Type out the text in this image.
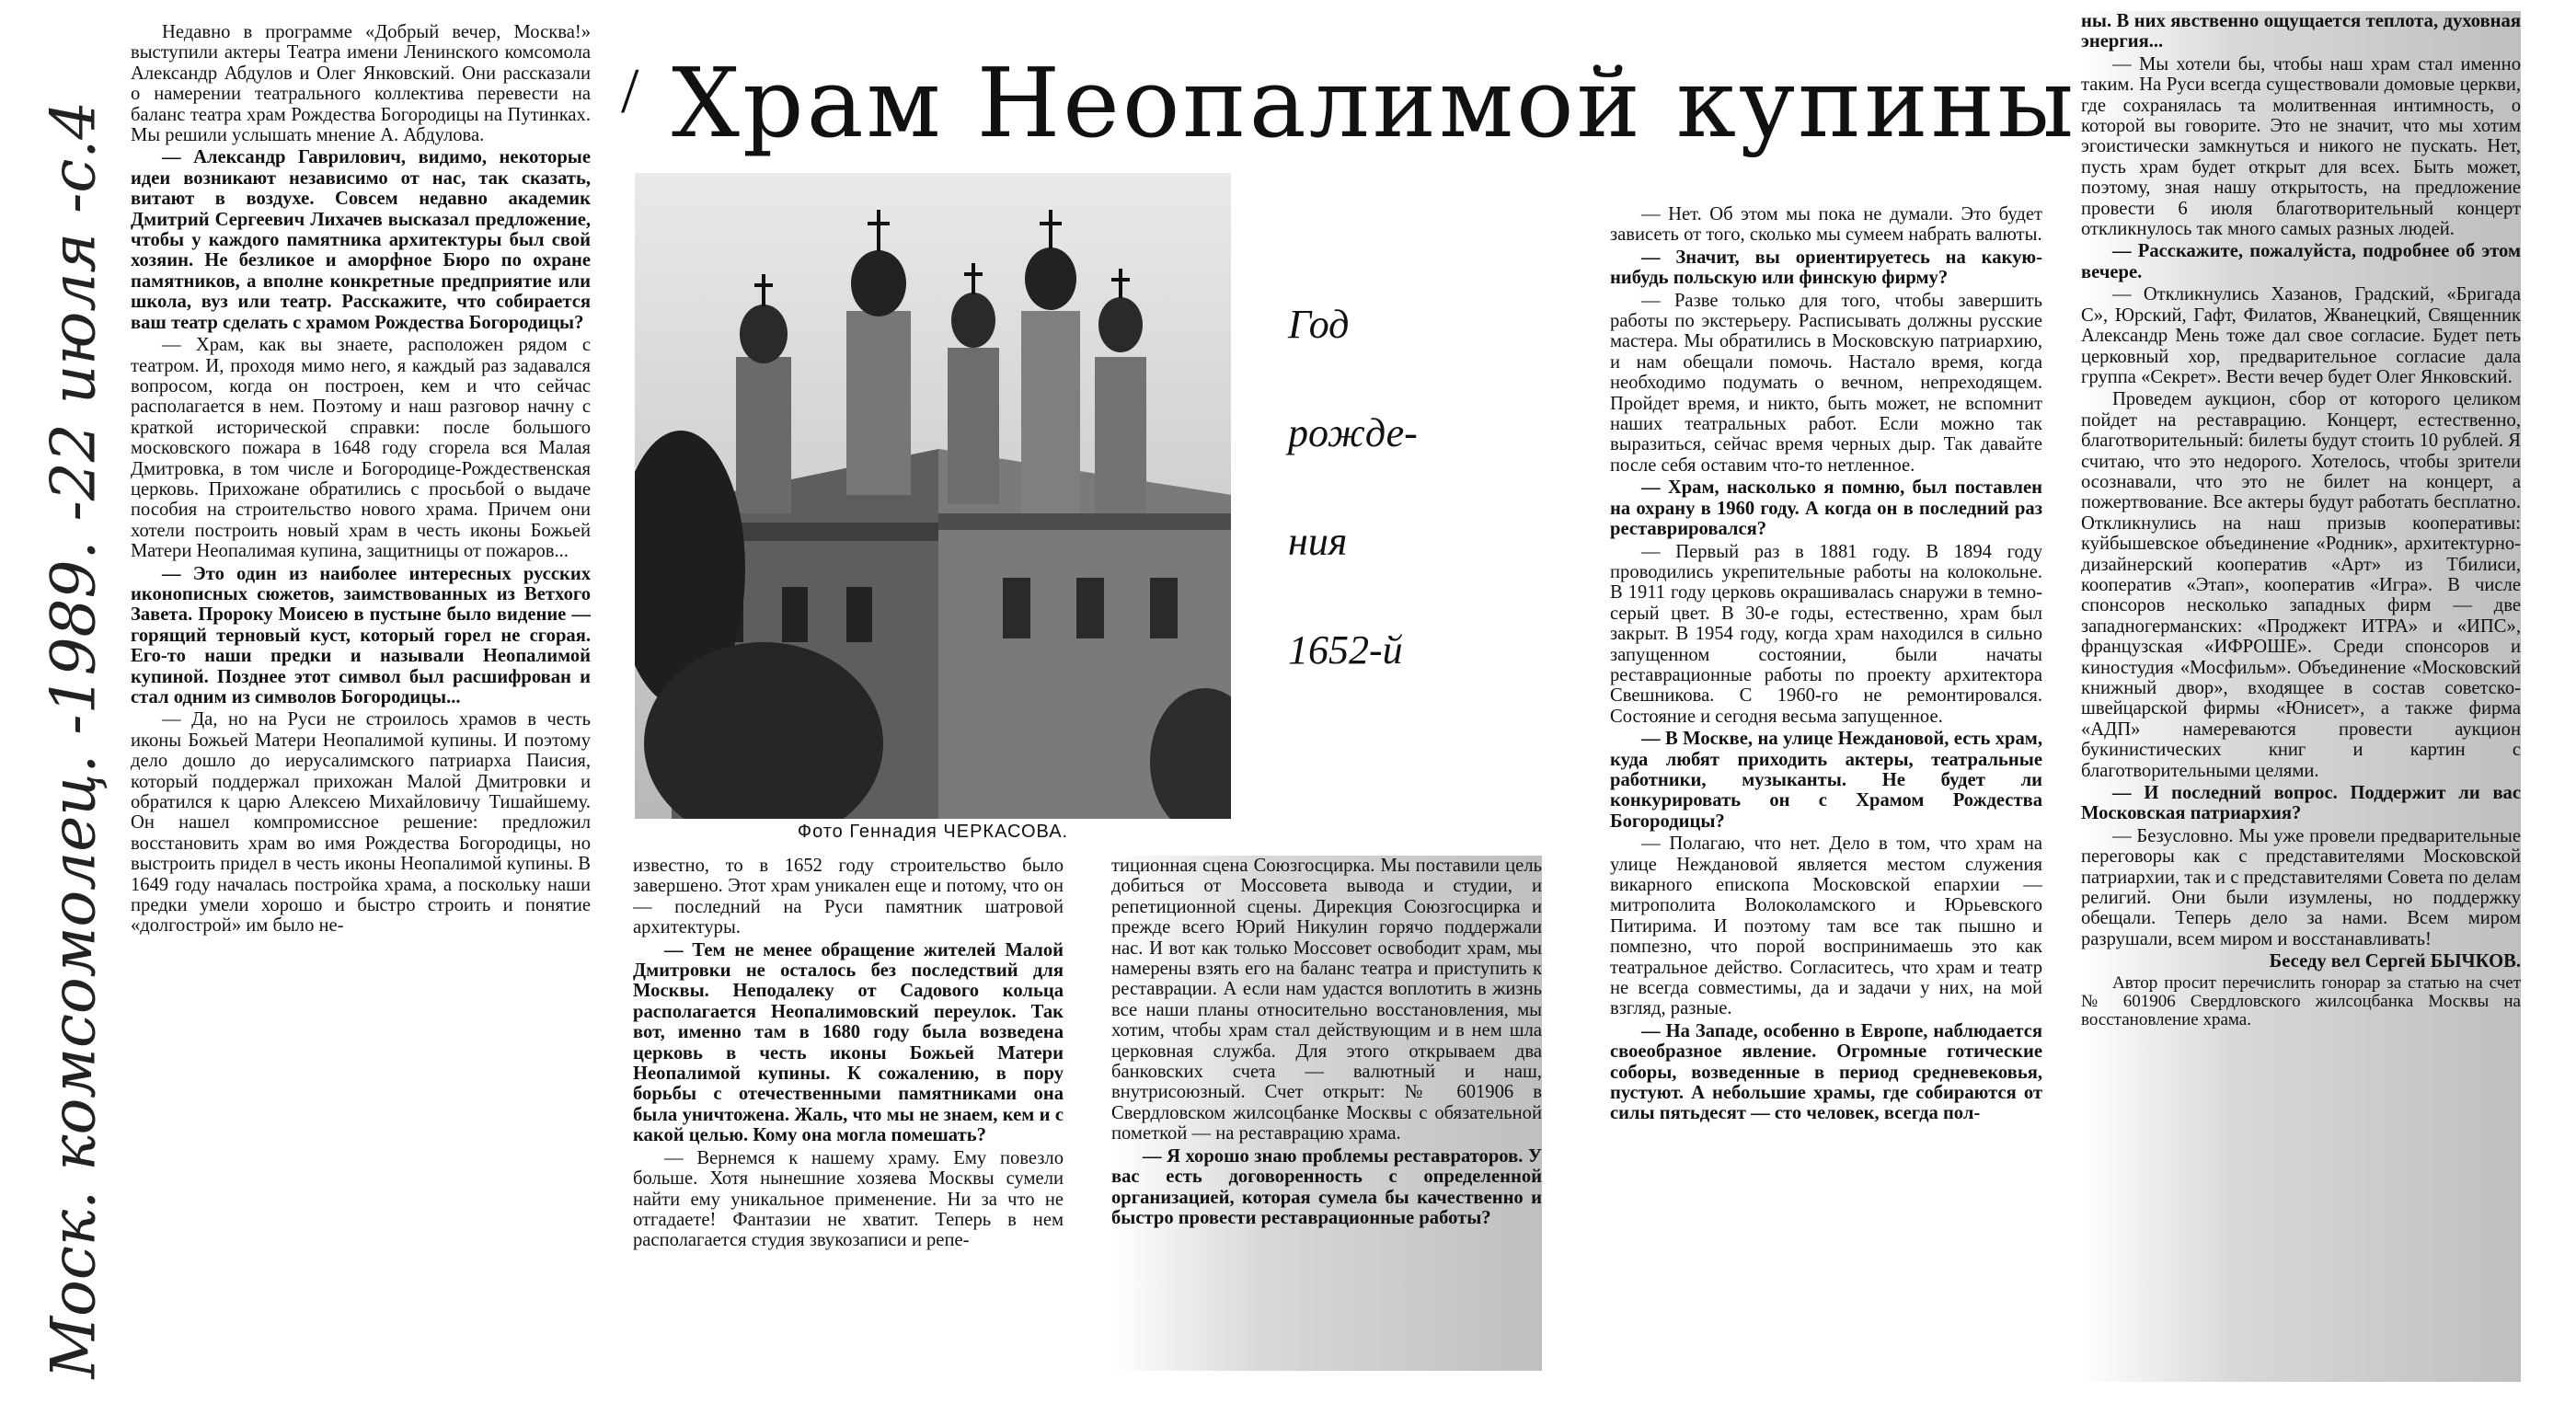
Моск. комсомолец. -1989. -22 июля -с.4
/ Храм Неопалимой купины
Фото Геннадия ЧЕРКАСОВА.
Год
рожде-
ния
1652-й

Недавно в программе «Добрый вечер, Москва!» выступили актеры Театра имени Ленинского комсомола Александр Абдулов и Олег Янковский. Они рассказали о намерении театрального коллектива перевести на баланс театра храм Рождества Богородицы на Путинках. Мы решили услышать мнение А. Абдулова.

— Александр Гаврилович, видимо, некоторые идеи возникают независимо от нас, так сказать, витают в воздухе. Совсем недавно академик Дмитрий Сергеевич Лихачев высказал предложение, чтобы у каждого памятника архитектуры был свой хозяин. Не безликое и аморфное Бюро по охране памятников, а вполне конкретные предприятие или школа, вуз или театр. Расскажите, что собирается ваш театр сделать с храмом Рождества Богородицы?

— Храм, как вы знаете, расположен рядом с театром. И, проходя мимо него, я каждый раз задавался вопросом, когда он построен, кем и что сейчас располагается в нем. Поэтому и наш разговор начну с краткой исторической справки: после большого московского пожара в 1648 году сгорела вся Малая Дмитровка, в том числе и Богородице-Рождественская церковь. Прихожане обратились с просьбой о выдаче пособия на строительство нового храма. Причем они хотели построить новый храм в честь иконы Божьей Матери Неопалимая купина, защитницы от пожаров...

— Это один из наиболее интересных русских иконописных сюжетов, заимствованных из Ветхого Завета. Пророку Моисею в пустыне было видение — горящий терновый куст, который горел не сгорая. Его-то наши предки и называли Неопалимой купиной. Позднее этот символ был расшифрован и стал одним из символов Богородицы...

— Да, но на Руси не строилось храмов в честь иконы Божьей Матери Неопалимой купины. И поэтому дело дошло до иерусалимского патриарха Паисия, который поддержал прихожан Малой Дмитровки и обратился к царю Алексею Михайловичу Тишайшему. Он нашел компромиссное решение: предложил восстановить храм во имя Рождества Богородицы, но выстроить придел в честь иконы Неопалимой купины. В 1649 году началась постройка храма, а поскольку наши предки умели хорошо и быстро строить и понятие «долгострой» им было не-

известно, то в 1652 году строительство было завершено. Этот храм уникален еще и потому, что он — последний на Руси памятник шатровой архитектуры.

— Тем не менее обращение жителей Малой Дмитровки не осталось без последствий для Москвы. Неподалеку от Садового кольца располагается Неопалимовский переулок. Так вот, именно там в 1680 году была возведена церковь в честь иконы Божьей Матери Неопалимой купины. К сожалению, в пору борьбы с отечественными памятниками она была уничтожена. Жаль, что мы не знаем, кем и с какой целью. Кому она могла помешать?

— Вернемся к нашему храму. Ему повезло больше. Хотя нынешние хозяева Москвы сумели найти ему уникальное применение. Ни за что не отгадаете! Фантазии не хватит. Теперь в нем располагается студия звукозаписи и репе-

тиционная сцена Союзгосцирка. Мы поставили цель добиться от Моссовета вывода и студии, и репетиционной сцены. Дирекция Союзгосцирка и прежде всего Юрий Никулин горячо поддержали нас. И вот как только Моссовет освободит храм, мы намерены взять его на баланс театра и приступить к реставрации. А если нам удастся воплотить в жизнь все наши планы относительно восстановления, мы хотим, чтобы храм стал действующим и в нем шла церковная служба. Для этого открываем два банковских счета — валютный и наш, внутрисоюзный. Счет открыт: № 601906 в Свердловском жилсоцбанке Москвы с обязательной пометкой — на реставрацию храма.

— Я хорошо знаю проблемы реставраторов. У вас есть договоренность с определенной организацией, которая сумела бы качественно и быстро провести реставрационные работы?

— Нет. Об этом мы пока не думали. Это будет зависеть от того, сколько мы сумеем набрать валюты.

— Значит, вы ориентируетесь на какую-нибудь польскую или финскую фирму?

— Разве только для того, чтобы завершить работы по экстерьеру. Расписывать должны русские мастера. Мы обратились в Московскую патриархию, и нам обещали помочь. Настало время, когда необходимо подумать о вечном, непреходящем. Пройдет время, и никто, быть может, не вспомнит наших театральных работ. Если можно так выразиться, сейчас время черных дыр. Так давайте после себя оставим что-то нетленное.

— Храм, насколько я помню, был поставлен на охрану в 1960 году. А когда он в последний раз реставрировался?

— Первый раз в 1881 году. В 1894 году проводились укрепительные работы на колокольне. В 1911 году церковь окрашивалась снаружи в темно-серый цвет. В 30-е годы, естественно, храм был закрыт. В 1954 году, когда храм находился в сильно запущенном состоянии, были начаты реставрационные работы по проекту архитектора Свешникова. С 1960-го не ремонтировался. Состояние и сегодня весьма запущенное.

— В Москве, на улице Неждановой, есть храм, куда любят приходить актеры, театральные работники, музыканты. Не будет ли конкурировать он с Храмом Рождества Богородицы?

— Полагаю, что нет. Дело в том, что храм на улице Неждановой является местом служения викарного епископа Московской епархии — митрополита Волоколамского и Юрьевского Питирима. И поэтому там все так пышно и помпезно, что порой воспринимаешь это как театральное действо. Согласитесь, что храм и театр не всегда совместимы, да и задачи у них, на мой взгляд, разные.

— На Западе, особенно в Европе, наблюдается своеобразное явление. Огромные готические соборы, возведенные в период средневековья, пустуют. А небольшие храмы, где собираются от силы пятьдесят — сто человек, всегда пол-

ны. В них явственно ощущается теплота, духовная энергия...

— Мы хотели бы, чтобы наш храм стал именно таким. На Руси всегда существовали домовые церкви, где сохранялась та молитвенная интимность, о которой вы говорите. Это не значит, что мы хотим эгоистически замкнуться и никого не пускать. Нет, пусть храм будет открыт для всех. Быть может, поэтому, зная нашу открытость, на предложение провести 6 июля благотворительный концерт откликнулось так много самых разных людей.

— Расскажите, пожалуйста, подробнее об этом вечере.

— Откликнулись Хазанов, Градский, «Бригада С», Юрский, Гафт, Филатов, Жванецкий, Священник Александр Мень тоже дал свое согласие. Будет петь церковный хор, предварительное согласие дала группа «Секрет». Вести вечер будет Олег Янковский.

Проведем аукцион, сбор от которого целиком пойдет на реставрацию. Концерт, естественно, благотворительный: билеты будут стоить 10 рублей. Я считаю, что это недорого. Хотелось, чтобы зрители осознавали, что это не билет на концерт, а пожертвование. Все актеры будут работать бесплатно. Откликнулись на наш призыв кооперативы: куйбышевское объединение «Родник», архитектурно-дизайнерский кооператив «Арт» из Тбилиси, кооператив «Этап», кооператив «Игра». В числе спонсоров несколько западных фирм — две западногерманских: «Проджект ИТРА» и «ИПС», французская «ИФРОШЕ». Среди спонсоров и киностудия «Мосфильм». Объединение «Московский книжный двор», входящее в состав советско-швейцарской фирмы «Юнисет», а также фирма «АДП» намереваются провести аукцион букинистических книг и картин с благотворительными целями.

— И последний вопрос. Поддержит ли вас Московская патриархия?

— Безусловно. Мы уже провели предварительные переговоры как с представителями Московской патриархии, так и с представителями Совета по делам религий. Они были изумлены, но поддержку обещали. Теперь дело за нами. Всем миром разрушали, всем миром и восстанавливать!

Беседу вел Сергей БЫЧКОВ.

Автор просит перечислить гонорар за статью на счет № 601906 Свердловского жилсоцбанка Москвы на восстановление храма.
